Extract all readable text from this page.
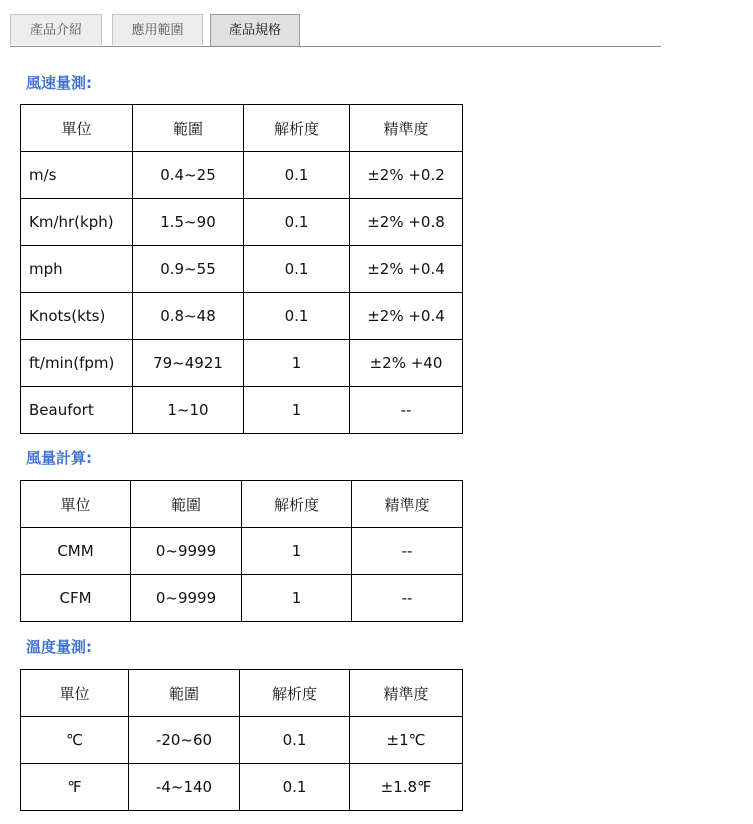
產品介紹	應用範圍	產品規格
風速量測:
單位	範圍	解析度	精準度
m/s	0.4~25	0.1	±2% +0.2
Km/hr(kph)	1.5~90	0.1	±2% +0.8
mph	0.9~55	0.1	±2% +0.4
Knots(kts)	0.8~48	0.1	±2% +0.4
ft/min(fpm)	79~4921	1	±2% +40
Beaufort	1~10	1	--
風量計算:
單位	範圍	解析度	精準度
CMM	0~9999	1	--
CFM	0~9999	1	--
溫度量測:
單位	範圍	解析度	精準度
℃	-20~60	0.1	±1℃
℉	-4~140	0.1	±1.8℉
